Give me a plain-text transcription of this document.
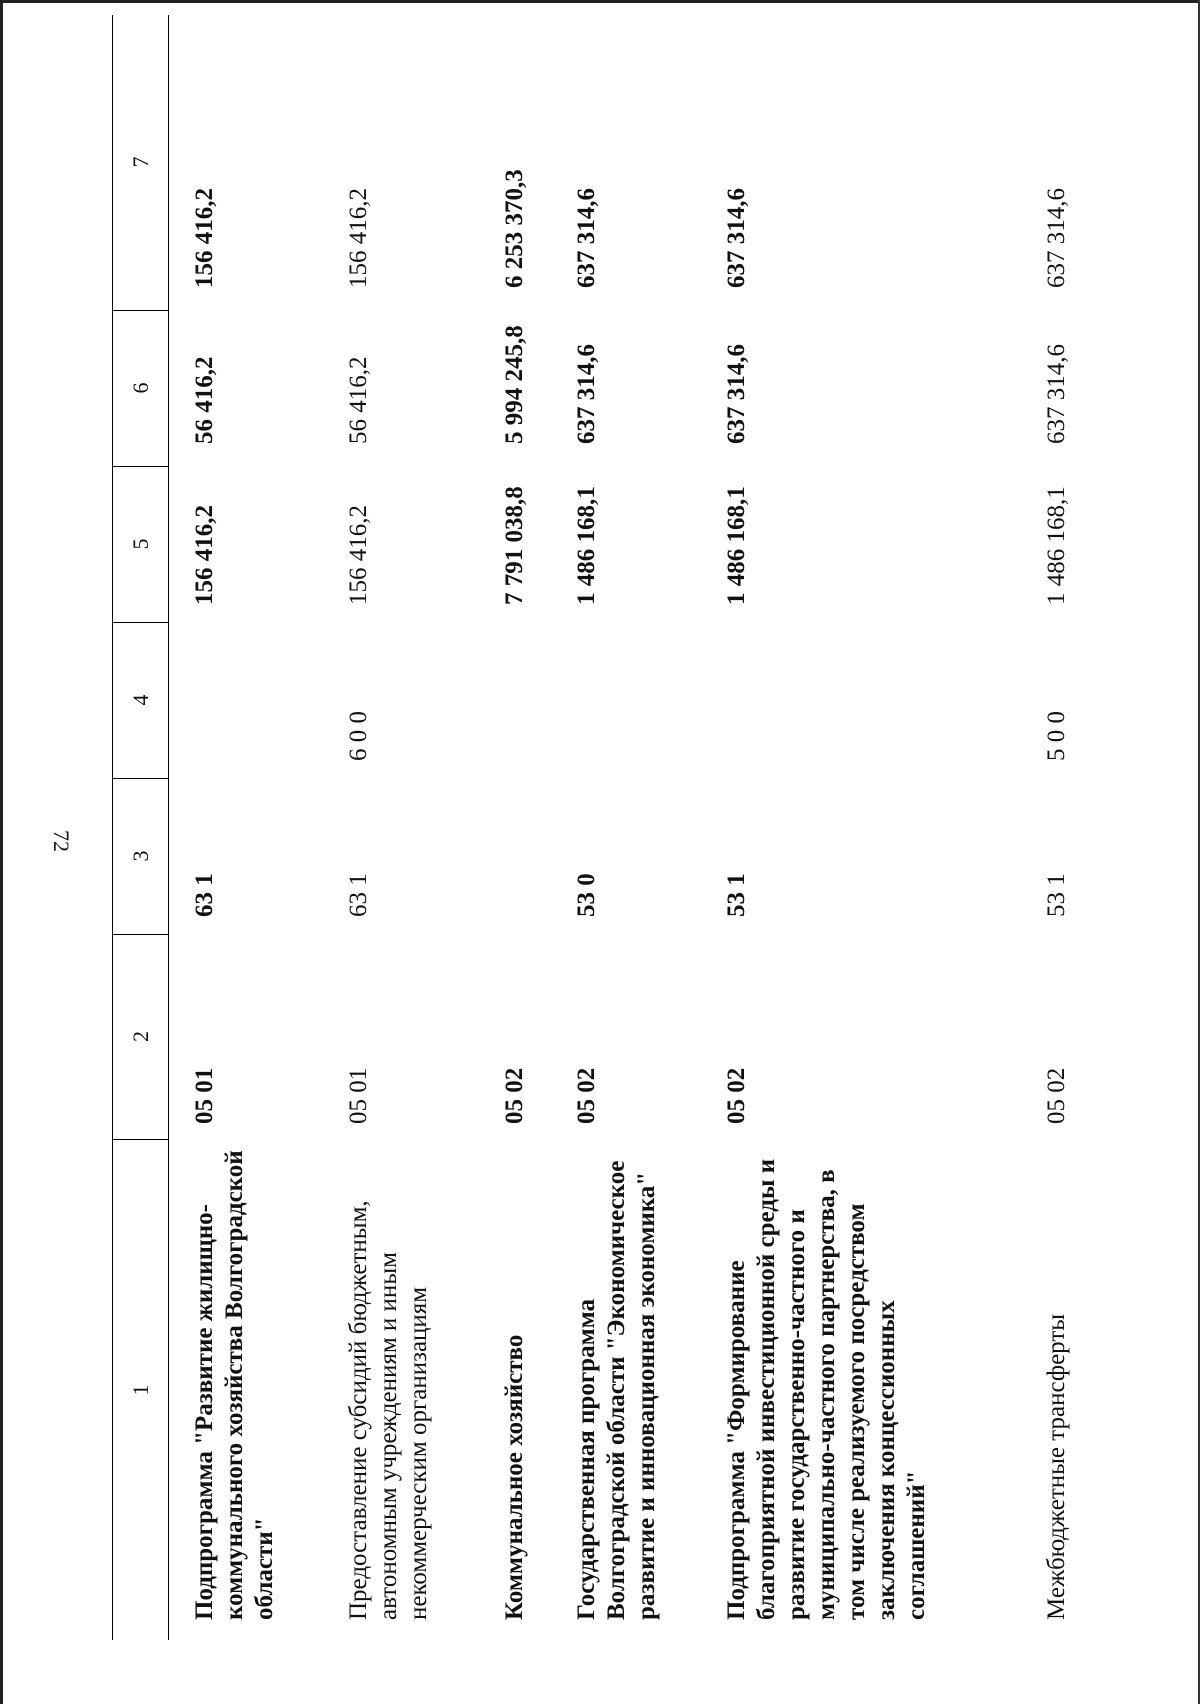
72
1
2
3
4
5
6
7
Подпрограмма "Развитие жилищно-коммунального хозяйства Волгоградской области"
05 01
63 1
156 416,2
56 416,2
156 416,2
Предоставление субсидий бюджетным, автономным учреждениям и иным некоммерческим организациям
05 01
63 1
6 0 0
156 416,2
56 416,2
156 416,2
Коммунальное хозяйство
05 02
7 791 038,8
5 994 245,8
6 253 370,3
Государственная программа Волгоградской области "Экономическое развитие и инновационная экономика"
05 02
53 0
1 486 168,1
637 314,6
637 314,6
Подпрограмма "Формирование благоприятной инвестиционной среды и развитие государственно-частного и муниципально-частного партнерства, в том числе реализуемого посредством заключения концессионных соглашений"
05 02
53 1
1 486 168,1
637 314,6
637 314,6
Межбюджетные трансферты
05 02
53 1
5 0 0
1 486 168,1
637 314,6
637 314,6
